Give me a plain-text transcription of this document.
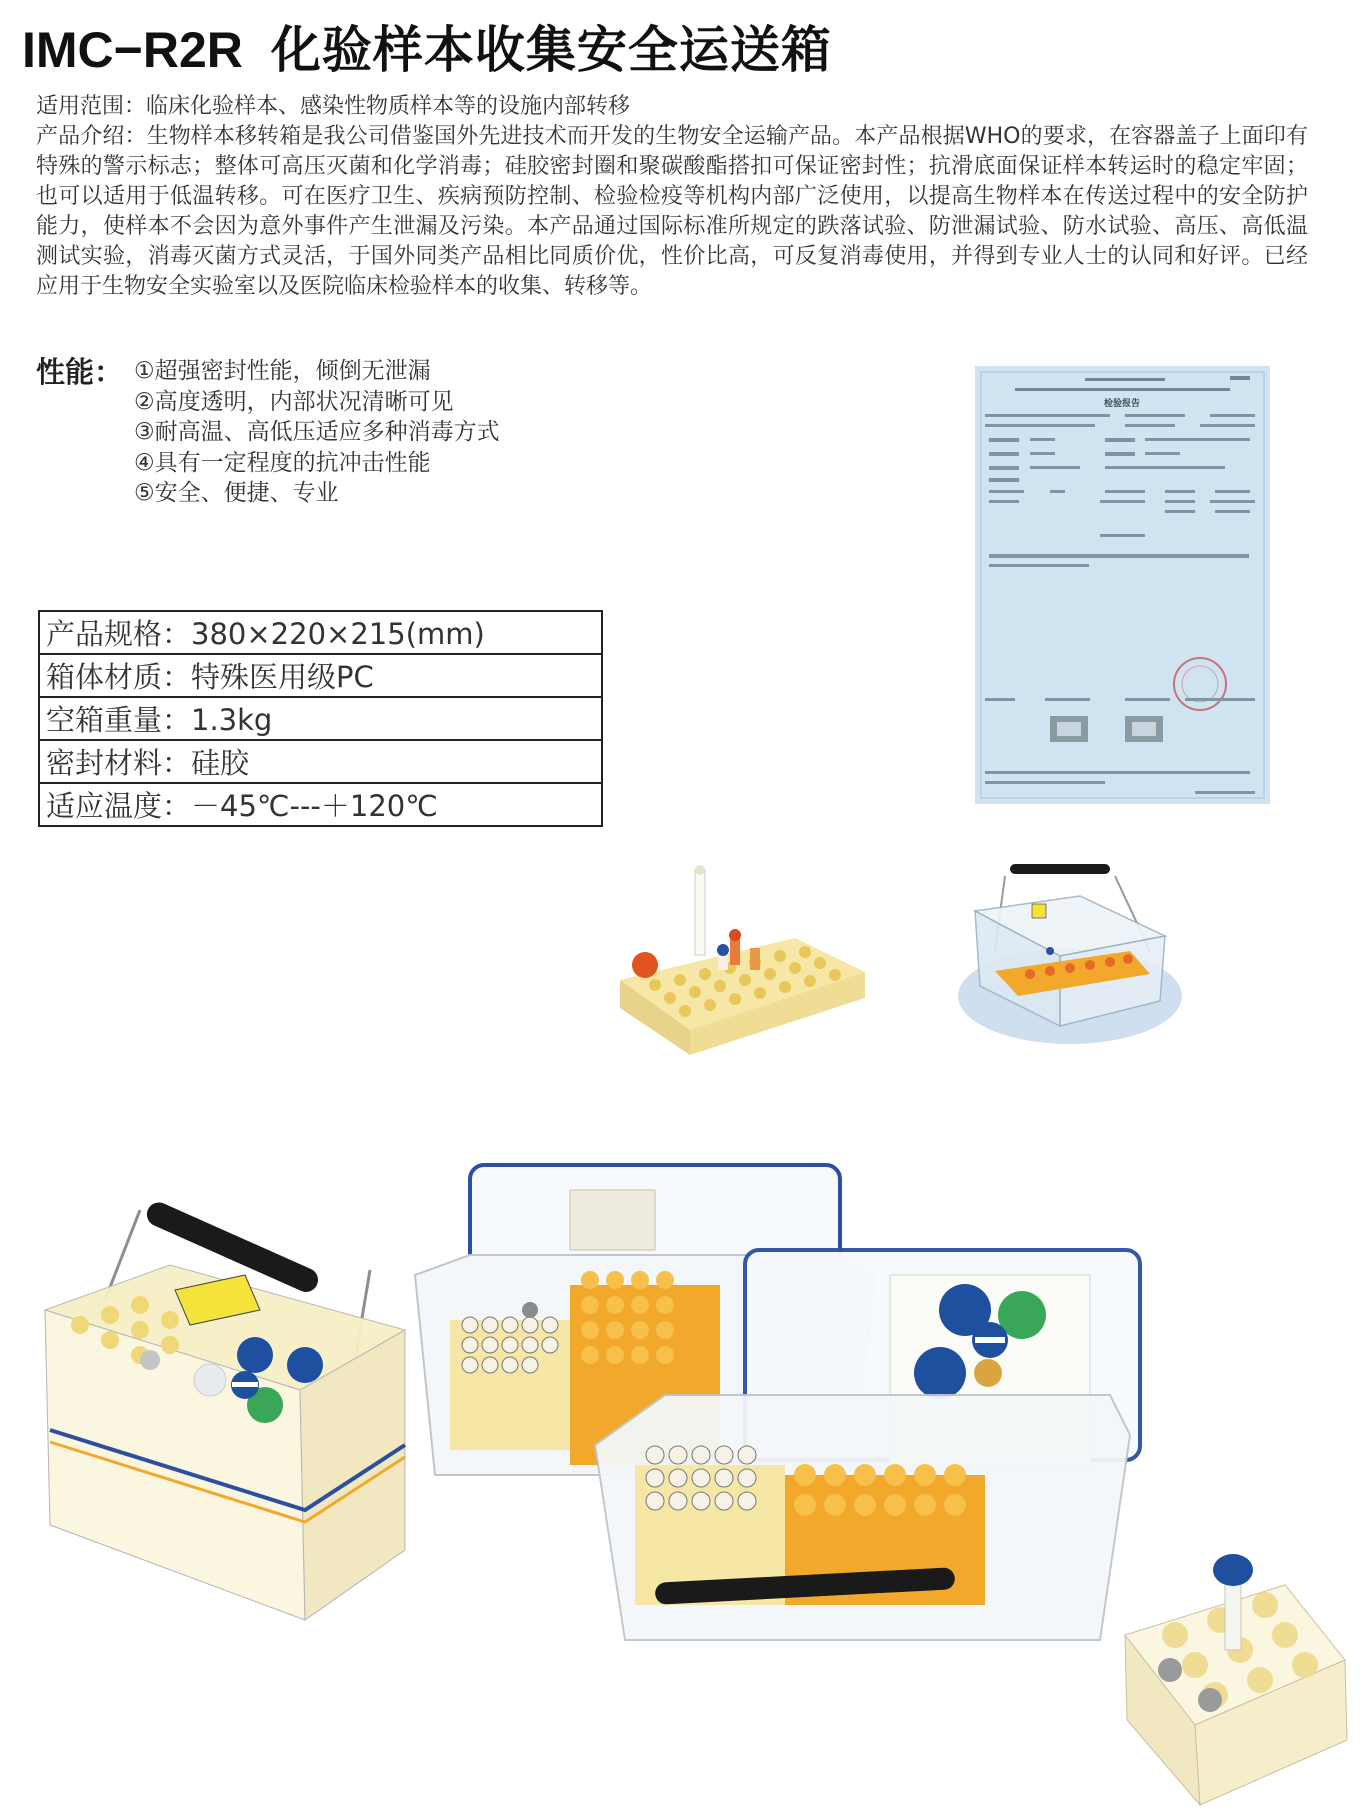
IMC−R2R 化验样本收集安全运送箱

适用范围：临床化验样本、感染性物质样本等的设施内部转移

产品介绍：生物样本移转箱是我公司借鉴国外先进技术而开发的生物安全运输产品。本产品根据WHO的要求，在容器盖子上面印有特殊的警示标志；整体可高压灭菌和化学消毒；硅胶密封圈和聚碳酸酯搭扣可保证密封性；抗滑底面保证样本转运时的稳定牢固；也可以适用于低温转移。可在医疗卫生、疾病预防控制、检验检疫等机构内部广泛使用，以提高生物样本在传送过程中的安全防护能力，使样本不会因为意外事件产生泄漏及污染。本产品通过国际标准所规定的跌落试验、防泄漏试验、防水试验、高压、高低温测试实验，消毒灭菌方式灵活，于国外同类产品相比同质价优，性价比高，可反复消毒使用，并得到专业人士的认同和好评。已经应用于生物安全实验室以及医院临床检验样本的收集、转移等。

性能： ①超强密封性能，倾倒无泄漏
②高度透明，内部状况清晰可见
③耐高温、高低压适应多种消毒方式
④具有一定程度的抗冲击性能
⑤安全、便捷、专业
产品规格：380×220×215(mm)
箱体材质：特殊医用级PC
空箱重量：1.3kg
密封材料：硅胶
适应温度：－45℃---＋120℃
检验报告
